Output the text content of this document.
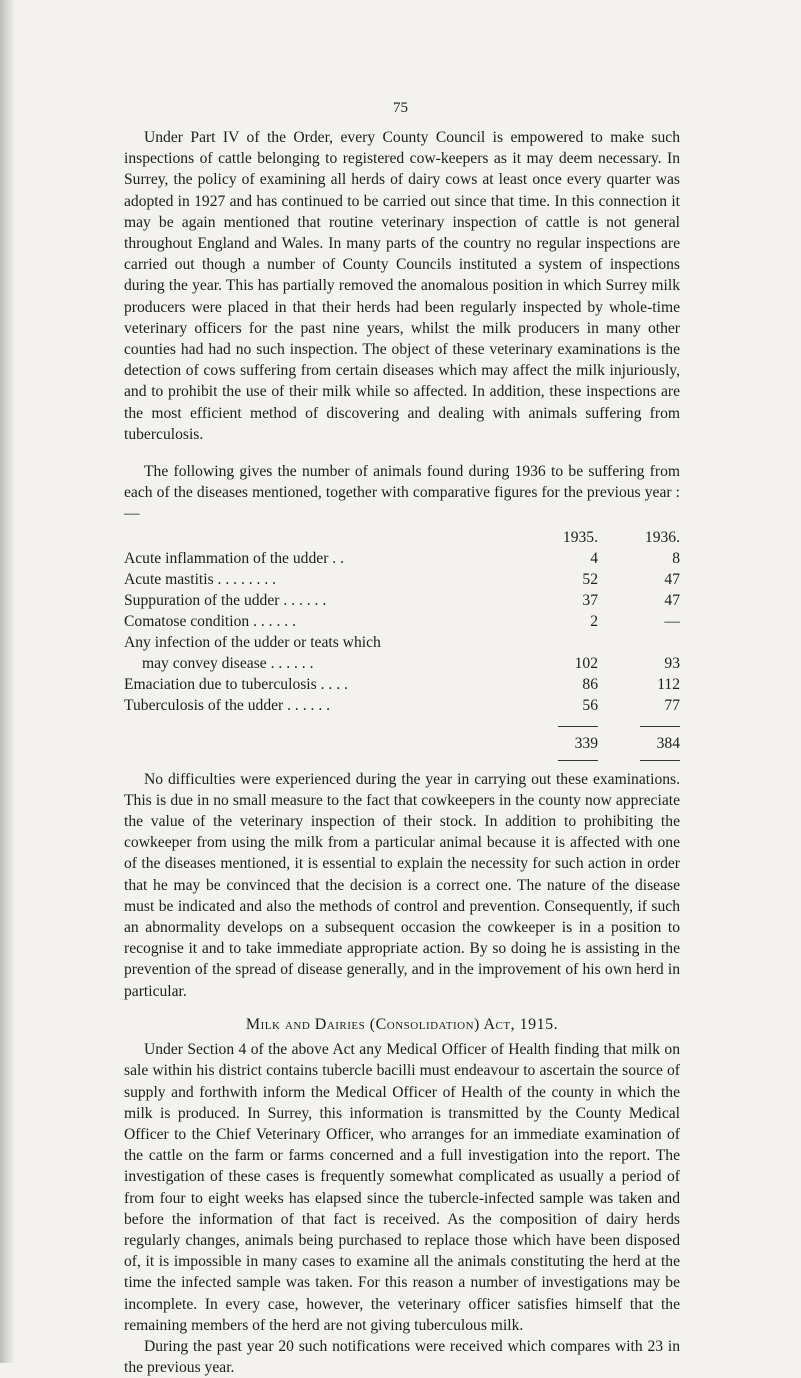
75

Under Part IV of the Order, every County Council is empowered to make such inspections of cattle belonging to registered cow-keepers as it may deem necessary. In Surrey, the policy of examining all herds of dairy cows at least once every quarter was adopted in 1927 and has continued to be carried out since that time. In this connection it may be again mentioned that routine veterinary inspection of cattle is not general throughout England and Wales. In many parts of the country no regular inspections are carried out though a number of County Councils instituted a system of inspections during the year. This has partially removed the anomalous position in which Surrey milk producers were placed in that their herds had been regularly inspected by whole-time veterinary officers for the past nine years, whilst the milk producers in many other counties had had no such inspection. The object of these veterinary examinations is the detection of cows suffering from certain diseases which may affect the milk injuriously, and to prohibit the use of their milk while so affected. In addition, these inspections are the most efficient method of discovering and dealing with animals suffering from tuberculosis.

The following gives the number of animals found during 1936 to be suffering from each of the diseases mentioned, together with comparative figures for the previous year :—

	1935.	1936.
Acute inflammation of the udder . .	4	8
Acute mastitis . . . . . . . .	52	47
Suppuration of the udder . . . . . .	37	47
Comatose condition . . . . . .	2	—
Any infection of the udder or teats which		
may convey disease . . . . . .	102	93
Emaciation due to tuberculosis . . . .	86	112
Tuberculosis of the udder . . . . . .	56	77
	339	384

No difficulties were experienced during the year in carrying out these examinations. This is due in no small measure to the fact that cowkeepers in the county now appreciate the value of the veterinary inspection of their stock. In addition to prohibiting the cowkeeper from using the milk from a particular animal because it is affected with one of the diseases mentioned, it is essential to explain the necessity for such action in order that he may be convinced that the decision is a correct one. The nature of the disease must be indicated and also the methods of control and prevention. Consequently, if such an abnormality develops on a subsequent occasion the cowkeeper is in a position to recognise it and to take immediate appropriate action. By so doing he is assisting in the prevention of the spread of disease generally, and in the improvement of his own herd in particular.

Milk and Dairies (Consolidation) Act, 1915.

Under Section 4 of the above Act any Medical Officer of Health finding that milk on sale within his district contains tubercle bacilli must endeavour to ascertain the source of supply and forthwith inform the Medical Officer of Health of the county in which the milk is produced. In Surrey, this information is transmitted by the County Medical Officer to the Chief Veterinary Officer, who arranges for an immediate examination of the cattle on the farm or farms concerned and a full investigation into the report. The investigation of these cases is frequently somewhat complicated as usually a period of from four to eight weeks has elapsed since the tubercle-infected sample was taken and before the information of that fact is received. As the composition of dairy herds regularly changes, animals being purchased to replace those which have been disposed of, it is impossible in many cases to examine all the animals constituting the herd at the time the infected sample was taken. For this reason a number of investigations may be incomplete. In every case, however, the veterinary officer satisfies himself that the remaining members of the herd are not giving tuberculous milk.

During the past year 20 such notifications were received which compares with 23 in the previous year.
